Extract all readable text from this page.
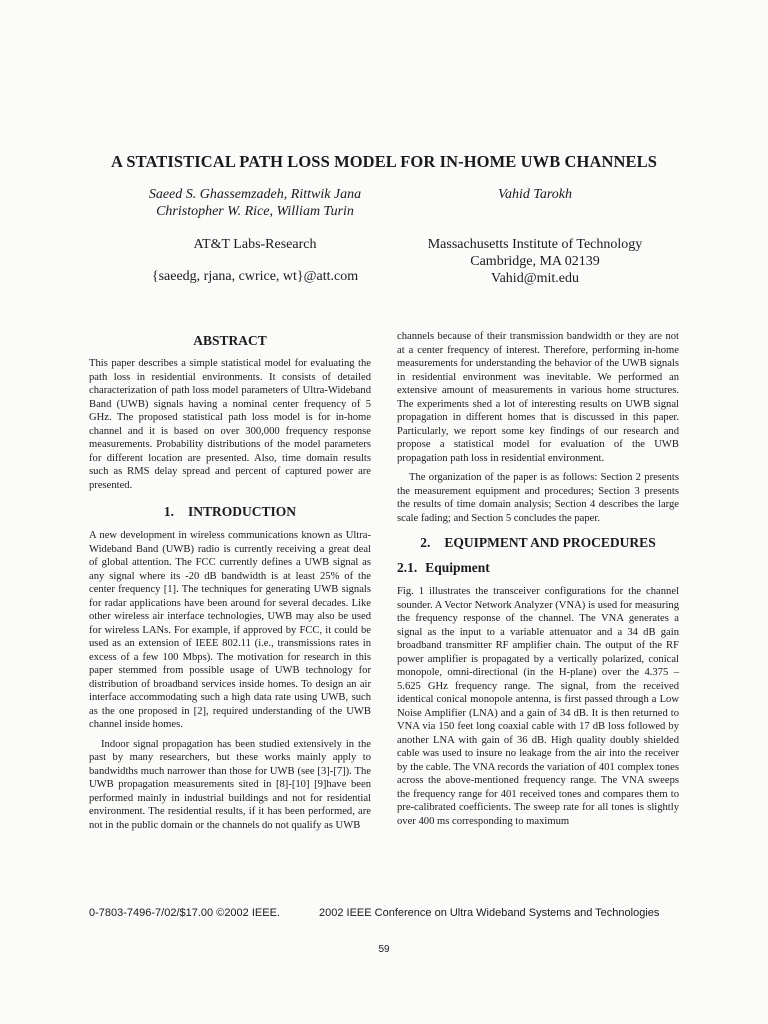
A STATISTICAL PATH LOSS MODEL FOR IN-HOME UWB CHANNELS
Saeed S. Ghassemzadeh, Rittwik Jana
Christopher W. Rice, William Turin
Vahid Tarokh
AT&T Labs-Research
{saeedg, rjana, cwrice, wt}@att.com
Massachusetts Institute of Technology
Cambridge, MA 02139
Vahid@mit.edu
ABSTRACT

This paper describes a simple statistical model for evaluating the path loss in residential environments. It consists of detailed characterization of path loss model parameters of Ultra-Wideband Band (UWB) signals having a nominal center frequency of 5 GHz. The proposed statistical path loss model is for in-home channel and it is based on over 300,000 frequency response measurements. Probability distributions of the model parameters for different location are presented. Also, time domain results such as RMS delay spread and percent of captured power are presented.

1. INTRODUCTION

A new development in wireless communications known as Ultra-Wideband Band (UWB) radio is currently receiving a great deal of global attention. The FCC currently defines a UWB signal as any signal where its -20 dB bandwidth is at least 25% of the center frequency [1]. The techniques for generating UWB signals for radar applications have been around for several decades. Like other wireless air interface technologies, UWB may also be used for wireless LANs. For example, if approved by FCC, it could be used as an extension of IEEE 802.11 (i.e., transmissions rates in excess of a few 100 Mbps). The motivation for research in this paper stemmed from possible usage of UWB technology for distribution of broadband services inside homes. To design an air interface accommodating such a high data rate using UWB, such as the one proposed in [2], required understanding of the UWB channel inside homes.

Indoor signal propagation has been studied extensively in the past by many researchers, but these works mainly apply to bandwidths much narrower than those for UWB (see [3]-[7]). The UWB propagation measurements sited in [8]-[10] [9]have been performed mainly in industrial buildings and not for residential environment. The residential results, if it has been performed, are not in the public domain or the channels do not qualify as UWB

channels because of their transmission bandwidth or they are not at a center frequency of interest. Therefore, performing in-home measurements for understanding the behavior of the UWB signals in residential environment was inevitable. We performed an extensive amount of measurements in various home structures. The experiments shed a lot of interesting results on UWB signal propagation in different homes that is discussed in this paper. Particularly, we report some key findings of our research and propose a statistical model for evaluation of the UWB propagation path loss in residential environment.

The organization of the paper is as follows: Section 2 presents the measurement equipment and procedures; Section 3 presents the results of time domain analysis; Section 4 describes the large scale fading; and Section 5 concludes the paper.

2. EQUIPMENT AND PROCEDURES
2.1. Equipment

Fig. 1 illustrates the transceiver configurations for the channel sounder. A Vector Network Analyzer (VNA) is used for measuring the frequency response of the channel. The VNA generates a signal as the input to a variable attenuator and a 34 dB gain broadband transmitter RF amplifier chain. The output of the RF power amplifier is propagated by a vertically polarized, conical monopole, omni-directional (in the H-plane) over the 4.375 – 5.625 GHz frequency range. The signal, from the received identical conical monopole antenna, is first passed through a Low Noise Amplifier (LNA) and a gain of 34 dB. It is then returned to VNA via 150 feet long coaxial cable with 17 dB loss followed by another LNA with gain of 36 dB. High quality doubly shielded cable was used to insure no leakage from the air into the receiver by the cable. The VNA records the variation of 401 complex tones across the above-mentioned frequency range. The VNA sweeps the frequency range for 401 received tones and compares them to pre-calibrated coefficients. The sweep rate for all tones is slightly over 400 ms corresponding to maximum

0-7803-7496-7/02/$17.00 ©2002 IEEE.	2002 IEEE Conference on Ultra Wideband Systems and Technologies
59
